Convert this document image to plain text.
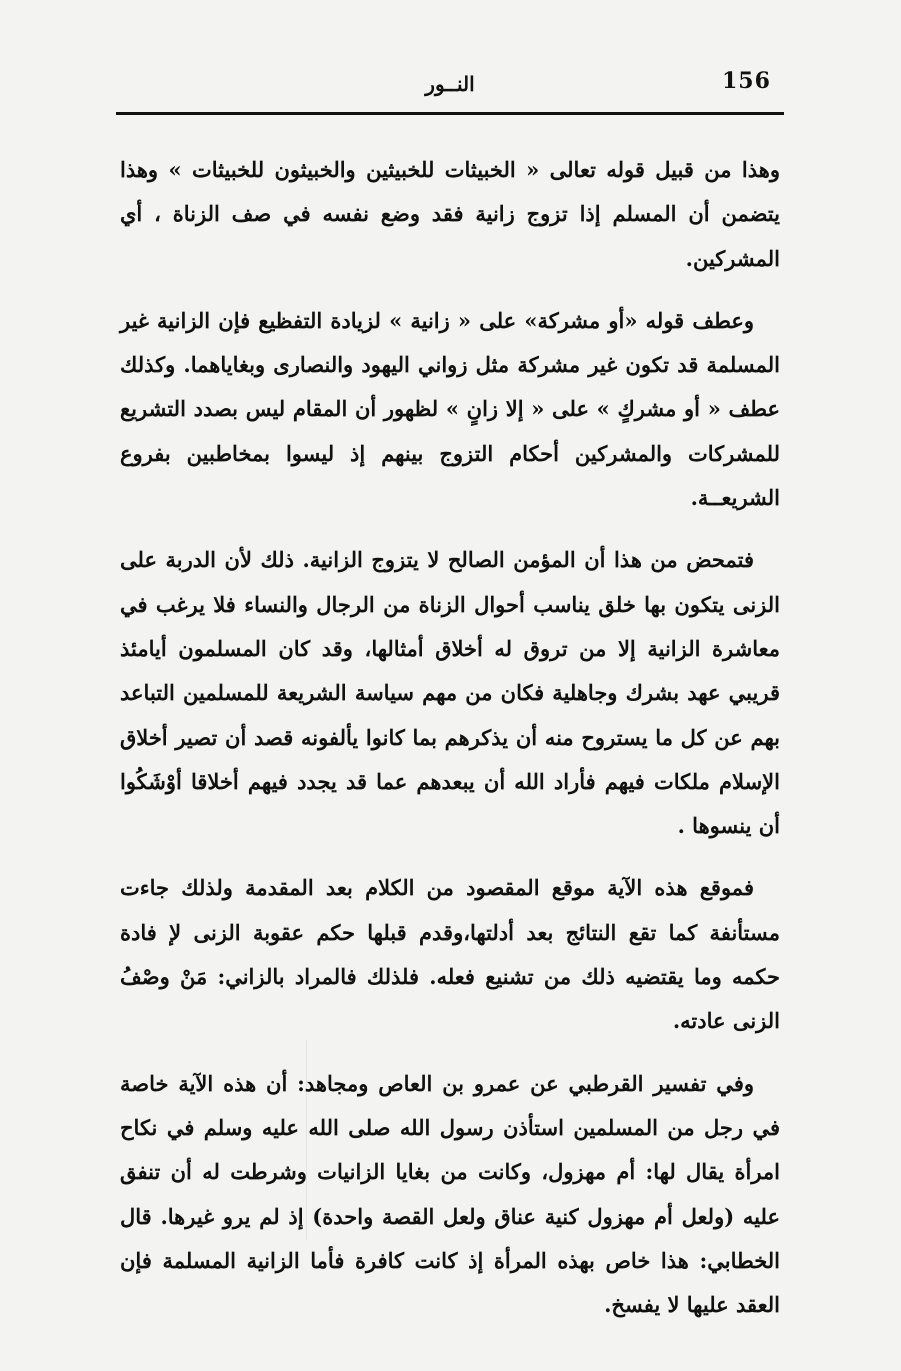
156
النــور

وهذا من قبيل قوله تعالى « الخبيثات للخبيثين والخبيثون للخبيثات » وهذا يتضمن أن المسلم إذا تزوج زانية فقد وضع نفسه في صف الزناة ، أي المشركين.

وعطف قوله «أو مشركة» على « زانية » لزيادة التفظيع فإن الزانية غير المسلمة قد تكون غير مشركة مثل زواني اليهود والنصارى وبغاياهما. وكذلك عطف « أو مشركٍ » على « إلا زانٍ » لظهور أن المقام ليس بصدد التشريع للمشركات والمشركين أحكام التزوج بينهم إذ ليسوا بمخاطبين بفروع الشريعــة.

فتمحض من هذا أن المؤمن الصالح لا يتزوج الزانية. ذلك لأن الدربة على الزنى يتكون بها خلق يناسب أحوال الزناة من الرجال والنساء فلا يرغب في معاشرة الزانية إلا من تروق له أخلاق أمثالها، وقد كان المسلمون أيامئذ قريبي عهد بشرك وجاهلية فكان من مهم سياسة الشريعة للمسلمين التباعد بهم عن كل ما يستروح منه أن يذكرهم بما كانوا يألفونه قصد أن تصير أخلاق الإسلام ملكات فيهم فأراد الله أن يبعدهم عما قد يجدد فيهم أخلاقا أوْشَكُوا أن ينسوها .

فموقع هذه الآية موقع المقصود من الكلام بعد المقدمة ولذلك جاءت مستأنفة كما تقع النتائج بعد أدلتها،وقدم قبلها حكم عقوبة الزنى لإ فادة حكمه وما يقتضيه ذلك من تشنيع فعله. فلذلك فالمراد بالزاني: مَنْ وصْفُ الزنى عادته.

وفي تفسير القرطبي عن عمرو بن العاص ومجاهد: أن هذه الآية خاصة في رجل من المسلمين استأذن رسول الله صلى الله عليه وسلم في نكاح امرأة يقال لها: أم مهزول، وكانت من بغايا الزانيات وشرطت له أن تنفق عليه (ولعل أم مهزول كنية عناق ولعل القصة واحدة) إذ لم يرو غيرها. قال الخطابي: هذا خاص بهذه المرأة إذ كانت كافرة فأما الزانية المسلمة فإن العقد عليها لا يفسخ.
